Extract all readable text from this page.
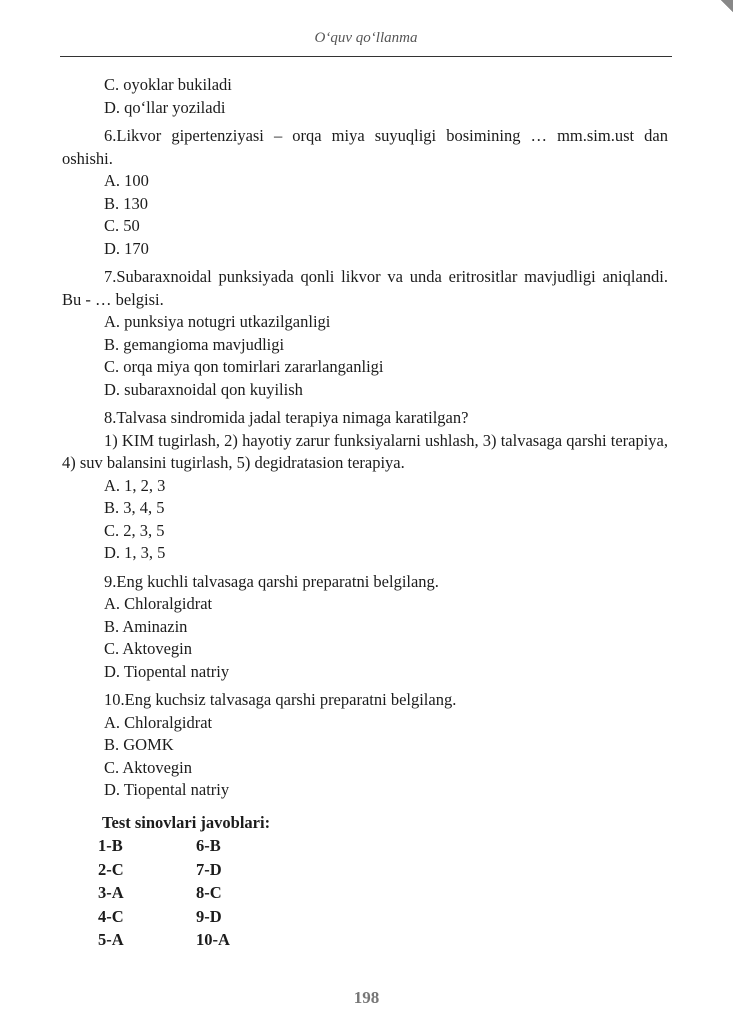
O‘quv qo‘llanma
C. oyoklar bukiladi
D. qo‘llar yoziladi
6.Likvor gipertenziyasi – orqa miya suyuqligi bosimining … mm.sim.ust dan oshishi.
A. 100
B. 130
C. 50
D. 170
7.Subaraxnoidal punksiyada qonli likvor va unda eritrositlar mavjudligi aniqlandi. Bu - … belgisi.
A. punksiya notugri utkazilganligi
B. gemangioma mavjudligi
C. orqa miya qon tomirlari zararlanganligi
D. subaraxnoidal qon kuyilish
8.Talvasa sindromida jadal terapiya nimaga karatilgan?
1) KIM tugirlash, 2) hayotiy zarur funksiyalarni ushlash, 3) talvasaga qarshi terapiya, 4) suv balansini tugirlash, 5) degidratasion terapiya.
A. 1, 2, 3
B. 3, 4, 5
C. 2, 3, 5
D. 1, 3, 5
9.Eng kuchli talvasaga qarshi preparatni belgilang.
A. Chloralgidrat
B. Aminazin
C. Aktovegin
D. Tiopental natriy
10.Eng kuchsiz talvasaga qarshi preparatni belgilang.
A. Chloralgidrat
B. GOMK
C. Aktovegin
D. Tiopental natriy
Test sinovlari javoblari:
1-B	6-B
2-C	7-D
3-A	8-C
4-C	9-D
5-A	10-A
198
